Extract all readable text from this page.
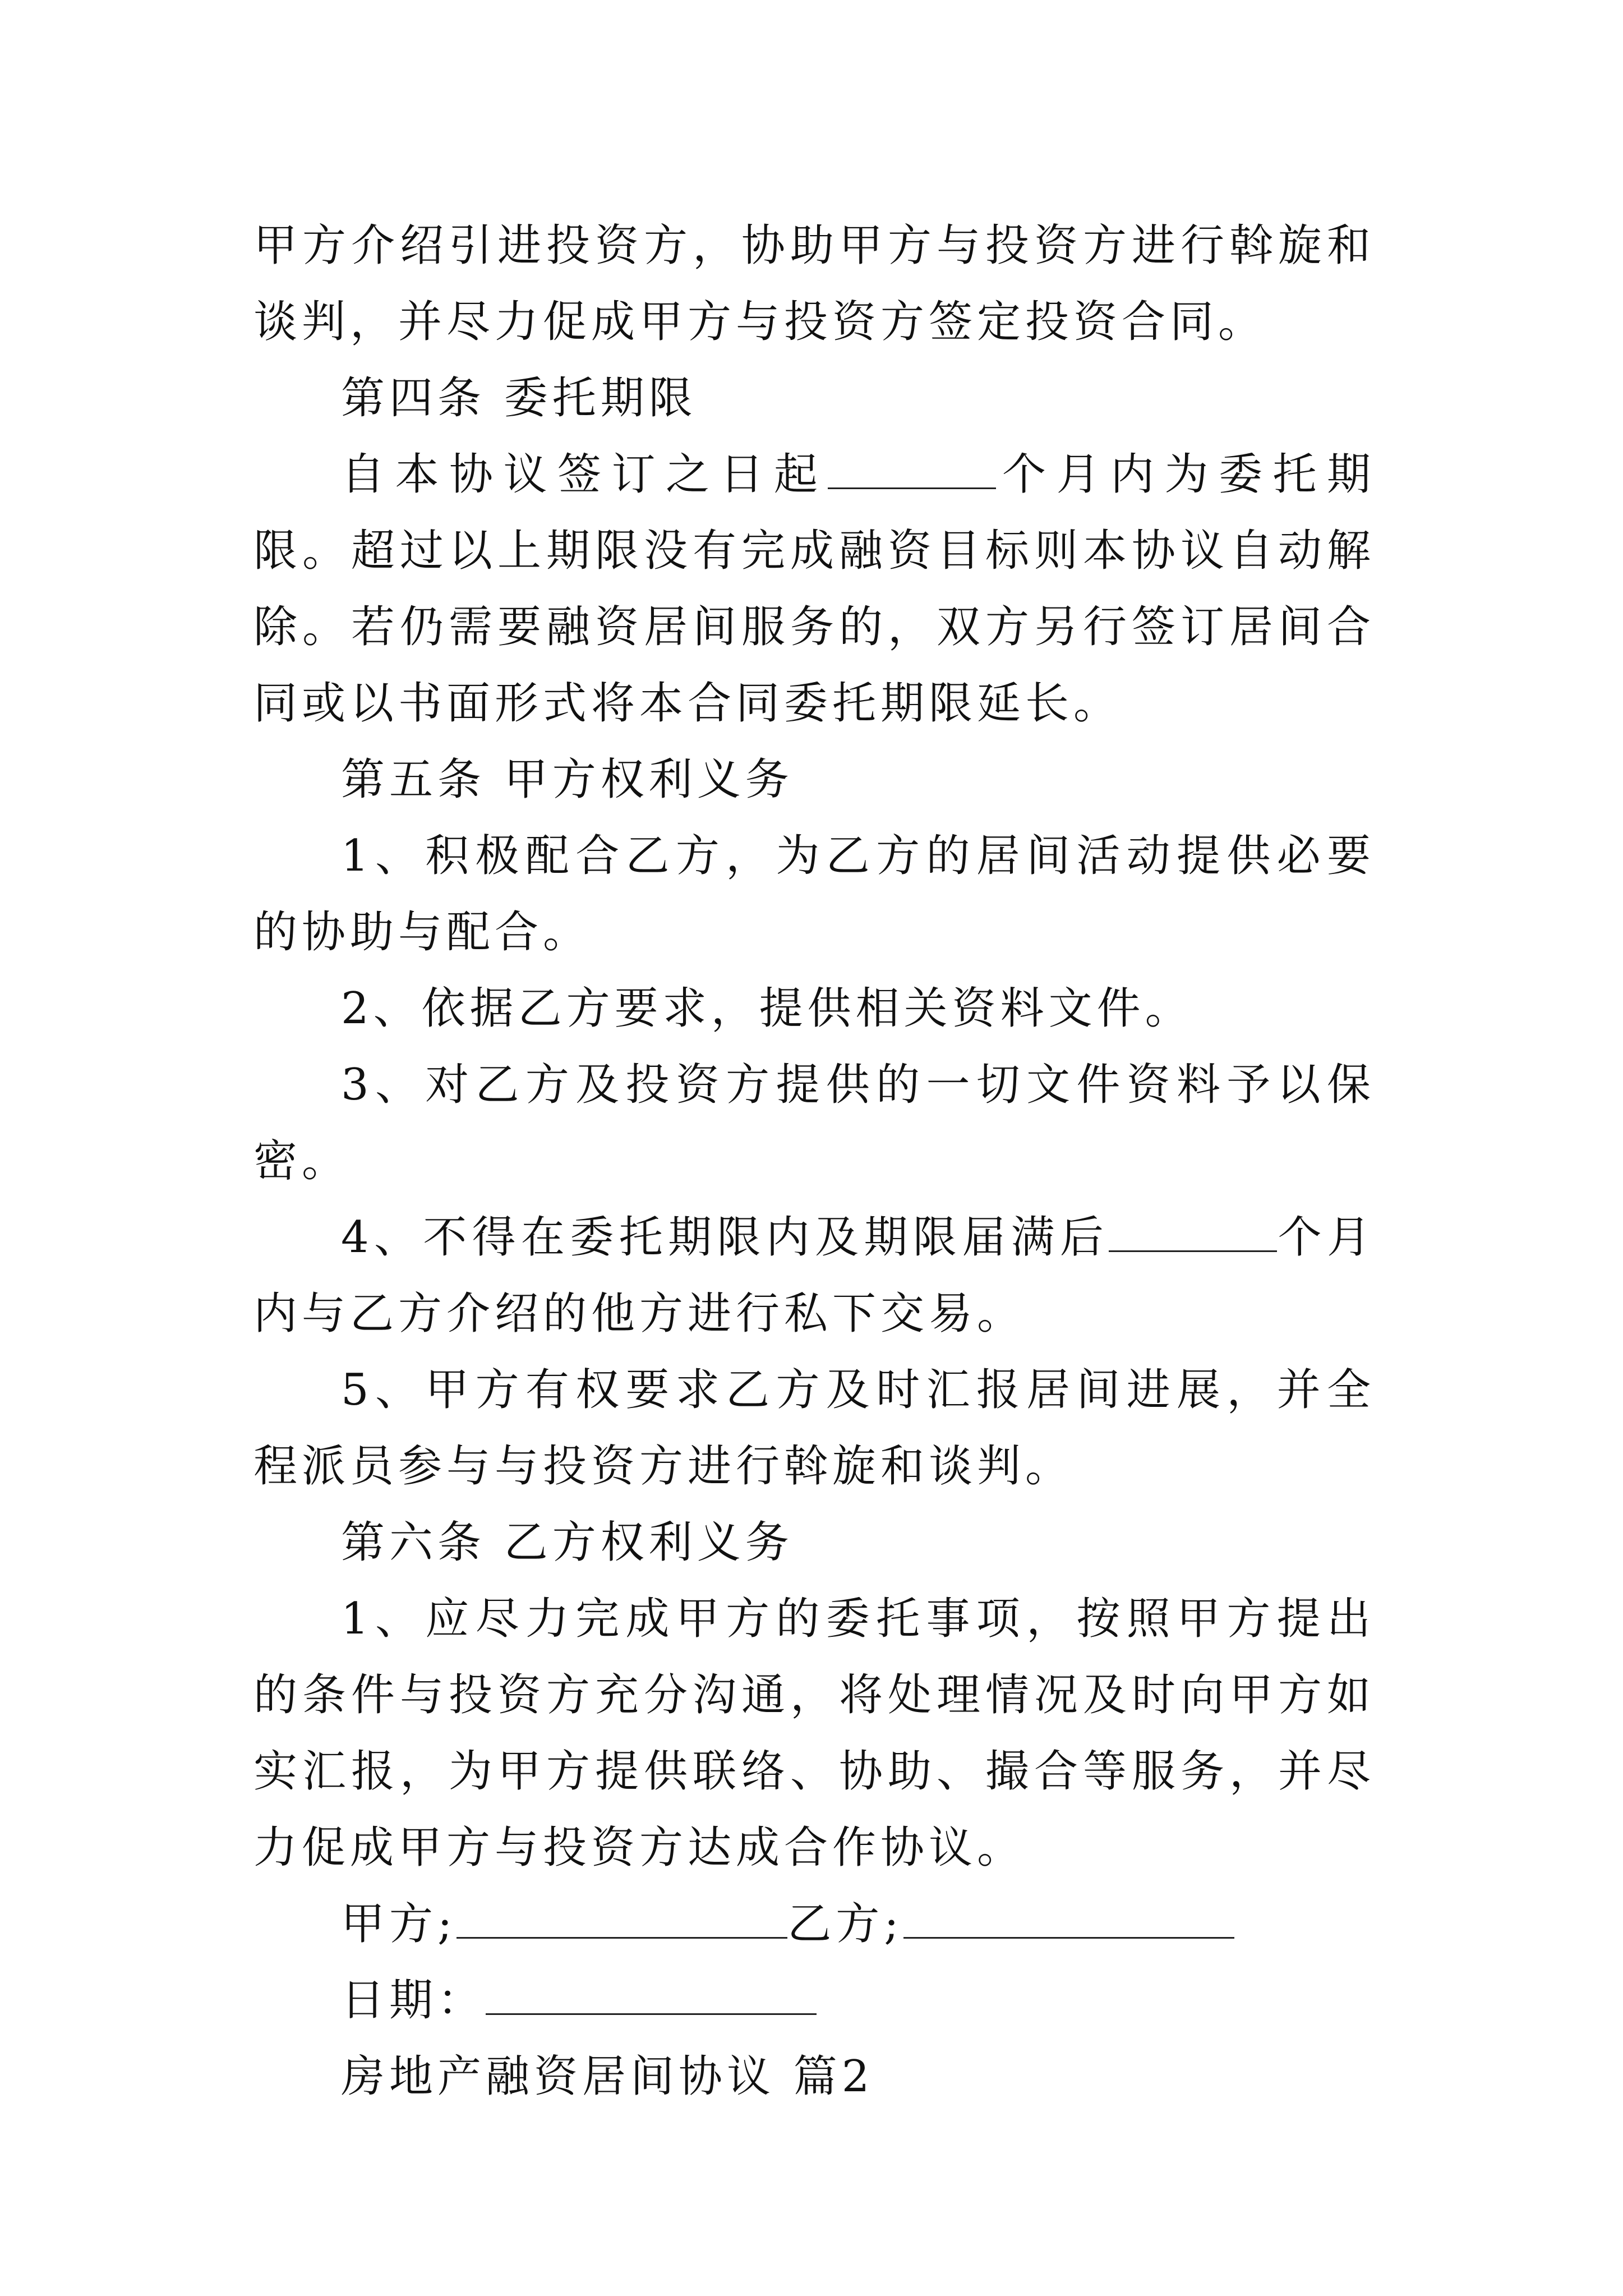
甲方介绍引进投资方，协助甲方与投资方进行斡旋和谈判，并尽力促成甲方与投资方签定投资合同。

第四条 委托期限

自本协议签订之日起	个月内为委托期限。超过以上期限没有完成融资目标则本协议自动解除。若仍需要融资居间服务的，双方另行签订居间合同或以书面形式将本合同委托期限延长。

第五条 甲方权利义务

1、积极配合乙方，为乙方的居间活动提供必要的协助与配合。

2、依据乙方要求，提供相关资料文件。

3、对乙方及投资方提供的一切文件资料予以保密。

4、不得在委托期限内及期限届满后	个月内与乙方介绍的他方进行私下交易。

5、甲方有权要求乙方及时汇报居间进展，并全程派员参与与投资方进行斡旋和谈判。

第六条 乙方权利义务

1、应尽力完成甲方的委托事项，按照甲方提出的条件与投资方充分沟通，将处理情况及时向甲方如实汇报，为甲方提供联络、协助、撮合等服务，并尽力促成甲方与投资方达成合作协议。

甲方;	乙方;

日期：

房地产融资居间协议 篇2
